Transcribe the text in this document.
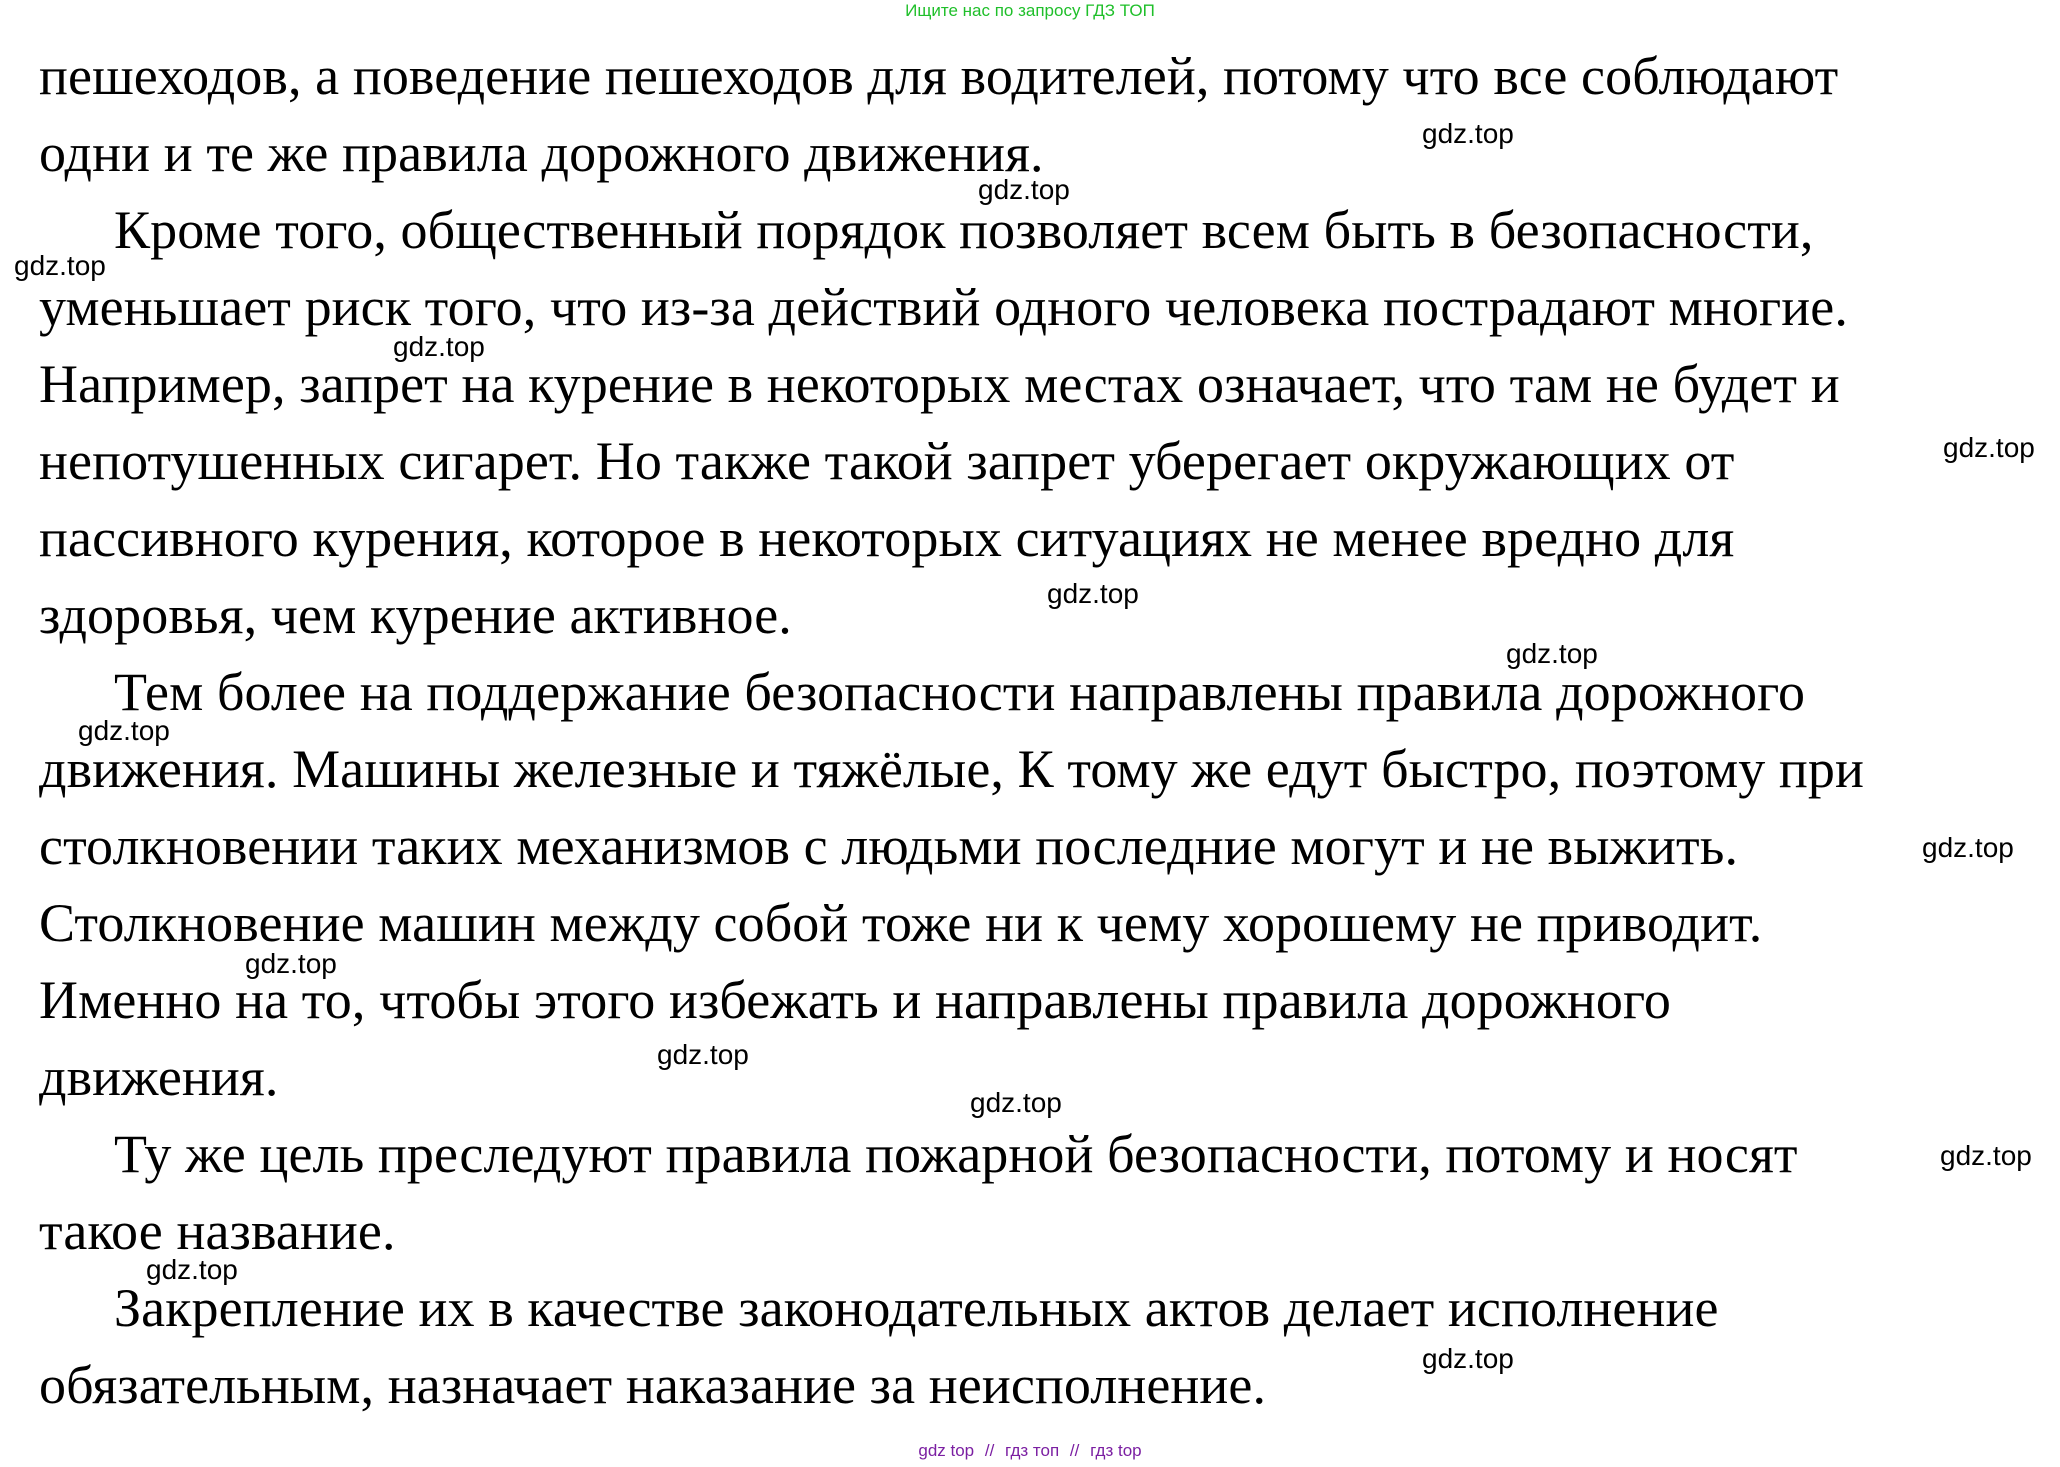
Ищите нас по запросу ГДЗ ТОП
пешеходов, а поведение пешеходов для водителей, потому что все соблюдают
одни и те же правила дорожного движения.
Кроме того, общественный порядок позволяет всем быть в безопасности,
уменьшает риск того, что из-за действий одного человека пострадают многие.
Например, запрет на курение в некоторых местах означает, что там не будет и
непотушенных сигарет. Но также такой запрет уберегает окружающих от
пассивного курения, которое в некоторых ситуациях не менее вредно для
здоровья, чем курение активное.
Тем более на поддержание безопасности направлены правила дорожного
движения. Машины железные и тяжёлые, К тому же едут быстро, поэтому при
столкновении таких механизмов с людьми последние могут и не выжить.
Столкновение машин между собой тоже ни к чему хорошему не приводит.
Именно на то, чтобы этого избежать и направлены правила дорожного
движения.
Ту же цель преследуют правила пожарной безопасности, потому и носят
такое название.
Закрепление их в качестве законодательных актов делает исполнение
обязательным, назначает наказание за неисполнение.
gdz.top
gdz.top
gdz.top
gdz.top
gdz.top
gdz.top
gdz.top
gdz.top
gdz.top
gdz.top
gdz.top
gdz.top
gdz.top
gdz.top
gdz.top
gdz top // гдз топ // гдз top
